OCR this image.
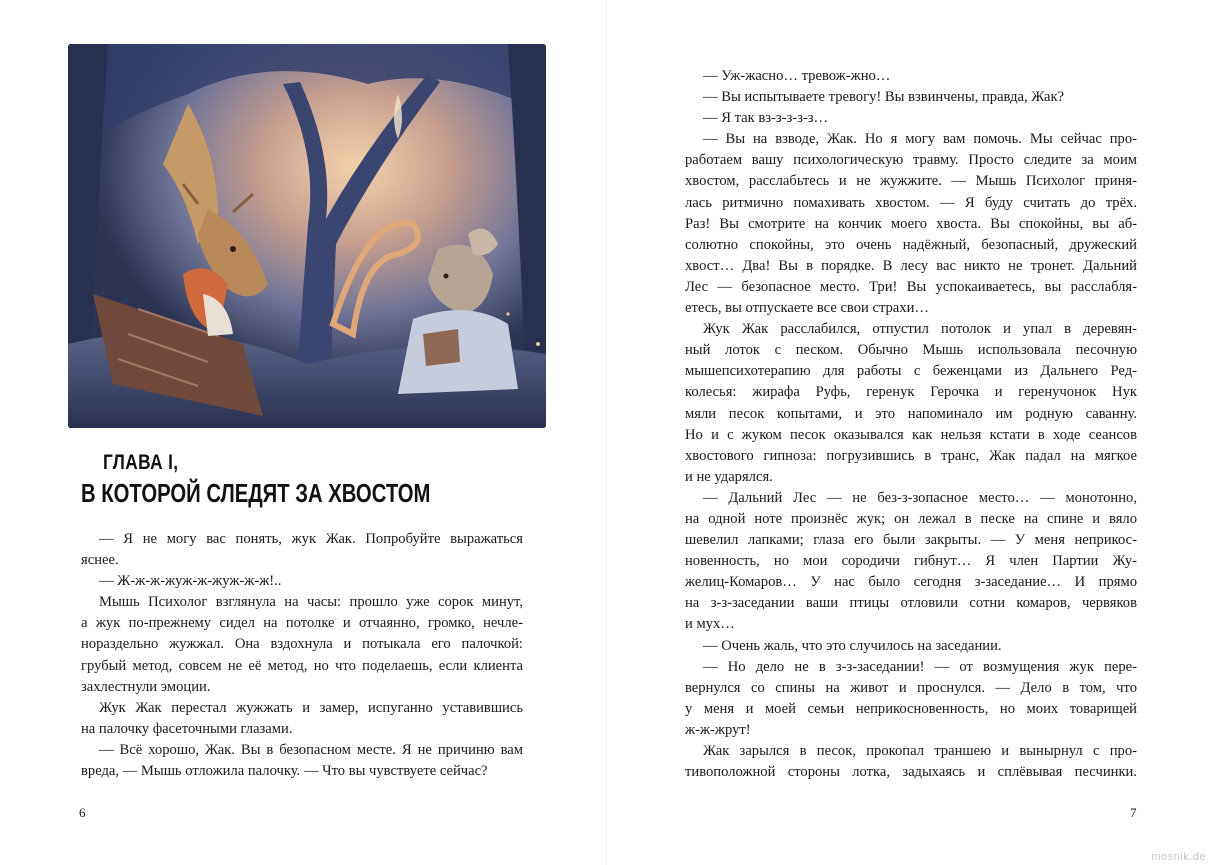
ГЛАВА I,
В КОТОРОЙ СЛЕДЯТ ЗА ХВОСТОМ
— Я не могу вас понять, жук Жак. Попробуйте выражаться
яснее.
— Ж-ж-ж-жуж-ж-жуж-ж-ж!..
Мышь Психолог взглянула на часы: прошло уже сорок минут,
а жук по-прежнему сидел на потолке и отчаянно, громко, нечле-
нораздельно жужжал. Она вздохнула и потыкала его палочкой:
грубый метод, совсем не её метод, но что поделаешь, если клиента
захлестнули эмоции.
Жук Жак перестал жужжать и замер, испуганно уставившись
на палочку фасеточными глазами.
— Всё хорошо, Жак. Вы в безопасном месте. Я не причиню вам
вреда, — Мышь отложила палочку. — Что вы чувствуете сейчас?
6
— Уж-жасно… тревож-жно…
— Вы испытываете тревогу! Вы взвинчены, правда, Жак?
— Я так вз-з-з-з-з…
— Вы на взводе, Жак. Но я могу вам помочь. Мы сейчас про-
работаем вашу психологическую травму. Просто следите за моим
хвостом, расслабьтесь и не жужжите. — Мышь Психолог приня-
лась ритмично помахивать хвостом. — Я буду считать до трёх.
Раз! Вы смотрите на кончик моего хвоста. Вы спокойны, вы аб-
солютно спокойны, это очень надёжный, безопасный, дружеский
хвост… Два! Вы в порядке. В лесу вас никто не тронет. Дальний
Лес — безопасное место. Три! Вы успокаиваетесь, вы расслабля-
етесь, вы отпускаете все свои страхи…
Жук Жак расслабился, отпустил потолок и упал в деревян-
ный лоток с песком. Обычно Мышь использовала песочную
мышепсихотерапию для работы с беженцами из Дальнего Ред-
колесья: жирафа Руфь, геренук Герочка и геренучонок Нук
мяли песок копытами, и это напоминало им родную саванну.
Но и с жуком песок оказывался как нельзя кстати в ходе сеансов
хвостового гипноза: погрузившись в транс, Жак падал на мягкое
и не ударялся.
— Дальний Лес — не без-з-зопасное место… — монотонно,
на одной ноте произнёс жук; он лежал в песке на спине и вяло
шевелил лапками; глаза его были закрыты. — У меня неприкос-
новенность, но мои сородичи гибнут… Я член Партии Жу-
желиц-Комаров… У нас было сегодня з-заседание… И прямо
на з-з-заседании ваши птицы отловили сотни комаров, червяков
и мух…
— Очень жаль, что это случилось на заседании.
— Но дело не в з-з-заседании! — от возмущения жук пере-
вернулся со спины на живот и проснулся. — Дело в том, что
у меня и моей семьи неприкосновенность, но моих товарищей
ж-ж-жрут!
Жак зарылся в песок, прокопал траншею и вынырнул с про-
тивоположной стороны лотка, задыхаясь и сплёвывая песчинки.
7
mosnik.de
